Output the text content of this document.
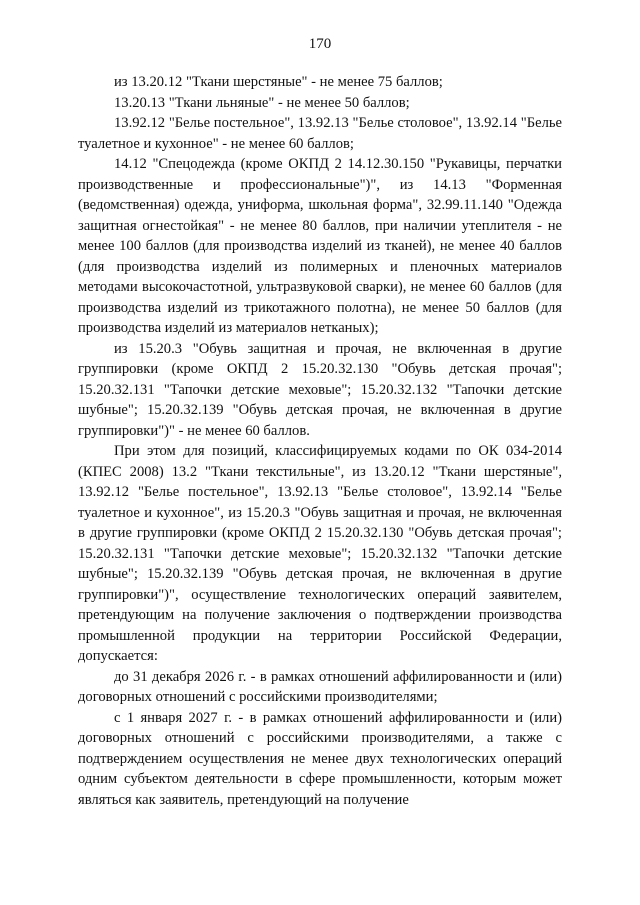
170

из 13.20.12 "Ткани шерстяные" - не менее 75 баллов;

13.20.13 "Ткани льняные" - не менее 50 баллов;

13.92.12 "Белье постельное", 13.92.13 "Белье столовое", 13.92.14 "Белье туалетное и кухонное" - не менее 60 баллов;

14.12 "Спецодежда (кроме ОКПД 2 14.12.30.150 "Рукавицы, перчатки производственные и профессиональные")", из 14.13 "Форменная (ведомственная) одежда, униформа, школьная форма", 32.99.11.140 "Одежда защитная огнестойкая" - не менее 80 баллов, при наличии утеплителя - не менее 100 баллов (для производства изделий из тканей), не менее 40 баллов (для производства изделий из полимерных и пленочных материалов методами высокочастотной, ультразвуковой сварки), не менее 60 баллов (для производства изделий из трикотажного полотна), не менее 50 баллов (для производства изделий из материалов нетканых);

из 15.20.3 "Обувь защитная и прочая, не включенная в другие группировки (кроме ОКПД 2 15.20.32.130 "Обувь детская прочая"; 15.20.32.131 "Тапочки детские меховые"; 15.20.32.132 "Тапочки детские шубные"; 15.20.32.139 "Обувь детская прочая, не включенная в другие группировки")" - не менее 60 баллов.

При этом для позиций, классифицируемых кодами по ОК 034-2014 (КПЕС 2008) 13.2 "Ткани текстильные", из 13.20.12 "Ткани шерстяные", 13.92.12 "Белье постельное", 13.92.13 "Белье столовое", 13.92.14 "Белье туалетное и кухонное", из 15.20.3 "Обувь защитная и прочая, не включенная в другие группировки (кроме ОКПД 2 15.20.32.130 "Обувь детская прочая"; 15.20.32.131 "Тапочки детские меховые"; 15.20.32.132 "Тапочки детские шубные"; 15.20.32.139 "Обувь детская прочая, не включенная в другие группировки")", осуществление технологических операций заявителем, претендующим на получение заключения о подтверждении производства промышленной продукции на территории Российской Федерации, допускается:

до 31 декабря 2026 г. - в рамках отношений аффилированности и (или) договорных отношений с российскими производителями;

с 1 января 2027 г. - в рамках отношений аффилированности и (или) договорных отношений с российскими производителями, а также с подтверждением осуществления не менее двух технологических операций одним субъектом деятельности в сфере промышленности, которым может являться как заявитель, претендующий на получение
